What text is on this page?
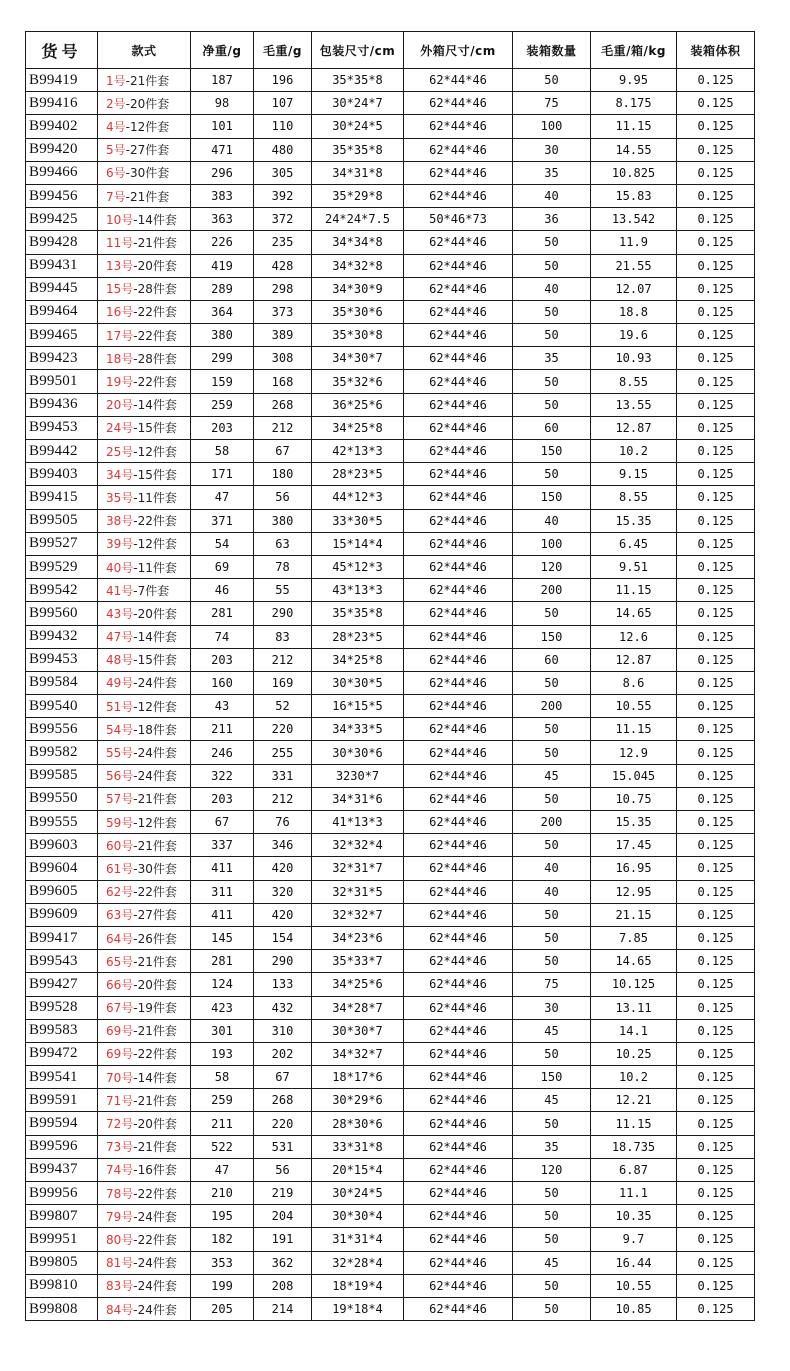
货号	款式	净重/g	毛重/g	包装尺寸/cm	外箱尺寸/cm	装箱数量	毛重/箱/kg	装箱体积
B99419	1号-21件套	187	196	35*35*8	62*44*46	50	9.95	0.125
B99416	2号-20件套	98	107	30*24*7	62*44*46	75	8.175	0.125
B99402	4号-12件套	101	110	30*24*5	62*44*46	100	11.15	0.125
B99420	5号-27件套	471	480	35*35*8	62*44*46	30	14.55	0.125
B99466	6号-30件套	296	305	34*31*8	62*44*46	35	10.825	0.125
B99456	7号-21件套	383	392	35*29*8	62*44*46	40	15.83	0.125
B99425	10号-14件套	363	372	24*24*7.5	50*46*73	36	13.542	0.125
B99428	11号-21件套	226	235	34*34*8	62*44*46	50	11.9	0.125
B99431	13号-20件套	419	428	34*32*8	62*44*46	50	21.55	0.125
B99445	15号-28件套	289	298	34*30*9	62*44*46	40	12.07	0.125
B99464	16号-22件套	364	373	35*30*6	62*44*46	50	18.8	0.125
B99465	17号-22件套	380	389	35*30*8	62*44*46	50	19.6	0.125
B99423	18号-28件套	299	308	34*30*7	62*44*46	35	10.93	0.125
B99501	19号-22件套	159	168	35*32*6	62*44*46	50	8.55	0.125
B99436	20号-14件套	259	268	36*25*6	62*44*46	50	13.55	0.125
B99453	24号-15件套	203	212	34*25*8	62*44*46	60	12.87	0.125
B99442	25号-12件套	58	67	42*13*3	62*44*46	150	10.2	0.125
B99403	34号-15件套	171	180	28*23*5	62*44*46	50	9.15	0.125
B99415	35号-11件套	47	56	44*12*3	62*44*46	150	8.55	0.125
B99505	38号-22件套	371	380	33*30*5	62*44*46	40	15.35	0.125
B99527	39号-12件套	54	63	15*14*4	62*44*46	100	6.45	0.125
B99529	40号-11件套	69	78	45*12*3	62*44*46	120	9.51	0.125
B99542	41号-7件套	46	55	43*13*3	62*44*46	200	11.15	0.125
B99560	43号-20件套	281	290	35*35*8	62*44*46	50	14.65	0.125
B99432	47号-14件套	74	83	28*23*5	62*44*46	150	12.6	0.125
B99453	48号-15件套	203	212	34*25*8	62*44*46	60	12.87	0.125
B99584	49号-24件套	160	169	30*30*5	62*44*46	50	8.6	0.125
B99540	51号-12件套	43	52	16*15*5	62*44*46	200	10.55	0.125
B99556	54号-18件套	211	220	34*33*5	62*44*46	50	11.15	0.125
B99582	55号-24件套	246	255	30*30*6	62*44*46	50	12.9	0.125
B99585	56号-24件套	322	331	3230*7	62*44*46	45	15.045	0.125
B99550	57号-21件套	203	212	34*31*6	62*44*46	50	10.75	0.125
B99555	59号-12件套	67	76	41*13*3	62*44*46	200	15.35	0.125
B99603	60号-21件套	337	346	32*32*4	62*44*46	50	17.45	0.125
B99604	61号-30件套	411	420	32*31*7	62*44*46	40	16.95	0.125
B99605	62号-22件套	311	320	32*31*5	62*44*46	40	12.95	0.125
B99609	63号-27件套	411	420	32*32*7	62*44*46	50	21.15	0.125
B99417	64号-26件套	145	154	34*23*6	62*44*46	50	7.85	0.125
B99543	65号-21件套	281	290	35*33*7	62*44*46	50	14.65	0.125
B99427	66号-20件套	124	133	34*25*6	62*44*46	75	10.125	0.125
B99528	67号-19件套	423	432	34*28*7	62*44*46	30	13.11	0.125
B99583	69号-21件套	301	310	30*30*7	62*44*46	45	14.1	0.125
B99472	69号-22件套	193	202	34*32*7	62*44*46	50	10.25	0.125
B99541	70号-14件套	58	67	18*17*6	62*44*46	150	10.2	0.125
B99591	71号-21件套	259	268	30*29*6	62*44*46	45	12.21	0.125
B99594	72号-20件套	211	220	28*30*6	62*44*46	50	11.15	0.125
B99596	73号-21件套	522	531	33*31*8	62*44*46	35	18.735	0.125
B99437	74号-16件套	47	56	20*15*4	62*44*46	120	6.87	0.125
B99956	78号-22件套	210	219	30*24*5	62*44*46	50	11.1	0.125
B99807	79号-24件套	195	204	30*30*4	62*44*46	50	10.35	0.125
B99951	80号-22件套	182	191	31*31*4	62*44*46	50	9.7	0.125
B99805	81号-24件套	353	362	32*28*4	62*44*46	45	16.44	0.125
B99810	83号-24件套	199	208	18*19*4	62*44*46	50	10.55	0.125
B99808	84号-24件套	205	214	19*18*4	62*44*46	50	10.85	0.125
